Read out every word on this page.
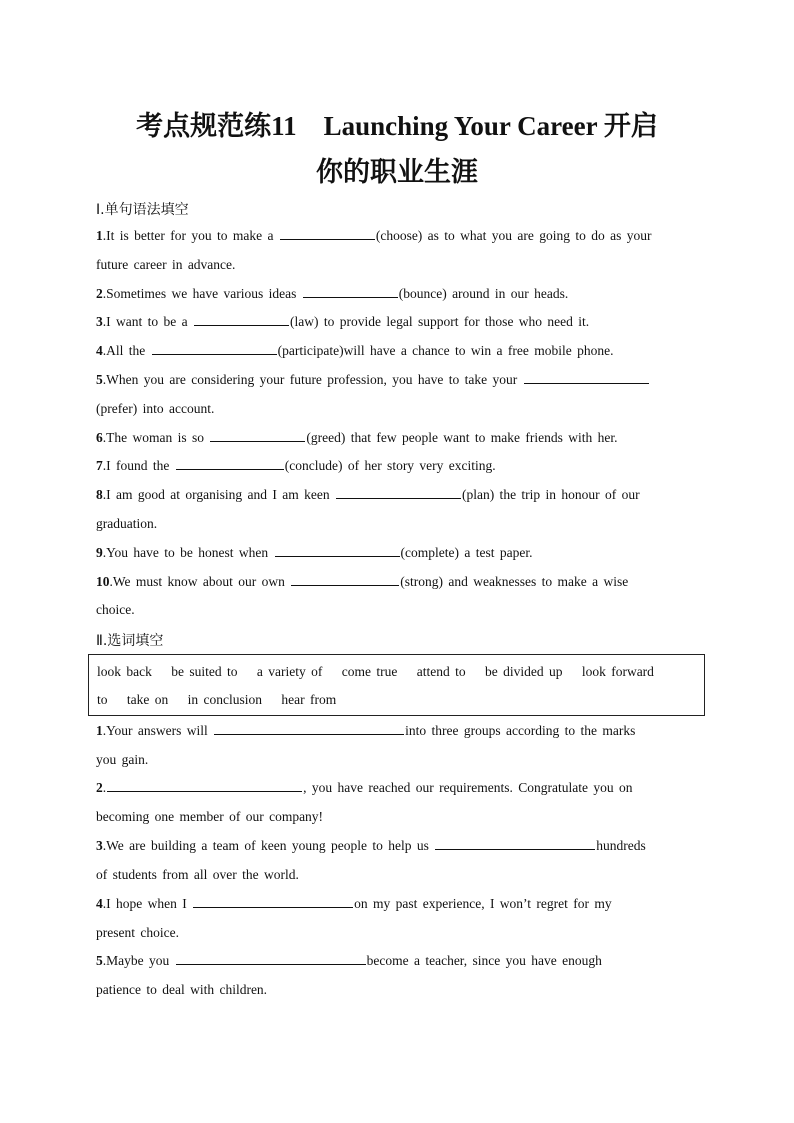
考点规范练11　Launching Your Career 开启
你的职业生涯
Ⅰ.单句语法填空
1.It is better for you to make a	(choose) as to what you are going to do as your
future career in advance.
2.Sometimes we have various ideas	(bounce) around in our heads.
3.I want to be a	(law) to provide legal support for those who need it.
4.All the	(participate)will have a chance to win a free mobile phone.
5.When you are considering your future profession, you have to take your
(prefer) into account.
6.The woman is so	(greed) that few people want to make friends with her.
7.I found the	(conclude) of her story very exciting.
8.I am good at organising and I am keen	(plan) the trip in honour of our
graduation.
9.You have to be honest when	(complete) a test paper.
10.We must know about our own	(strong) and weaknesses to make a wise
choice.
Ⅱ.选词填空
look back be suited to a variety of come true attend to be divided up look forward
to take on in conclusion hear from
1.Your answers will	into three groups according to the marks
you gain.
2.	, you have reached our requirements. Congratulate you on
becoming one member of our company!
3.We are building a team of keen young people to help us	hundreds
of students from all over the world.
4.I hope when I	on my past experience, I won’t regret for my
present choice.
5.Maybe you	become a teacher, since you have enough
patience to deal with children.
